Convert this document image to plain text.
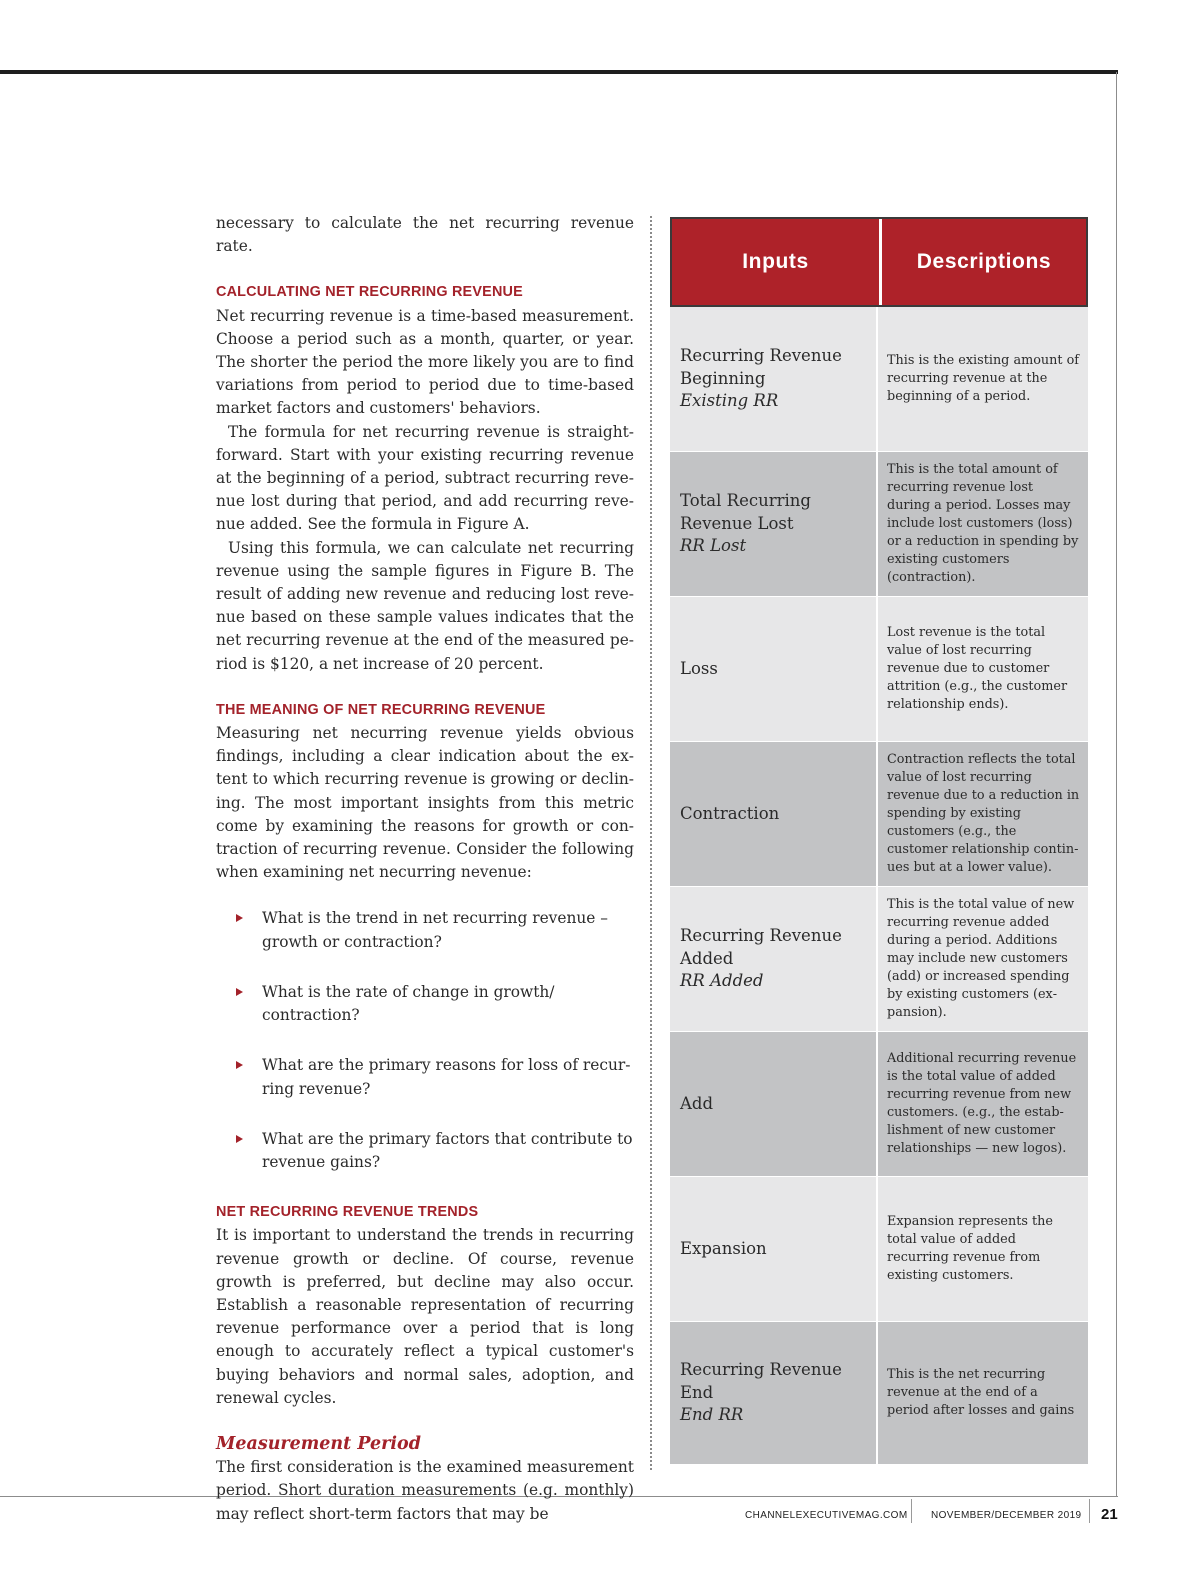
necessary to calculate the net recurring revenue rate.

CALCULATING NET RECURRING REVENUE

Net recurring revenue is a time-based measurement. Choose a period such as a month, quarter, or year. The shorter the period the more likely you are to find variations from period to period due to time-based market factors and customers' behaviors.

The formula for net recurring revenue is straightforward. Start with your existing recurring revenue at the beginning of a period, subtract recurring revenue lost during that period, and add recurring revenue added. See the formula in Figure A.

Using this formula, we can calculate net recurring revenue using the sample figures in Figure B. The result of adding new revenue and reducing lost revenue based on these sample values indicates that the net recurring revenue at the end of the measured period is $120, a net increase of 20 percent.

THE MEANING OF NET RECURRING REVENUE

Measuring net necurring revenue yields obvious findings, including a clear indication about the extent to which recurring revenue is growing or declining. The most important insights from this metric come by examining the reasons for growth or contraction of recurring revenue. Consider the following when examining net necurring nevenue:

What is the trend in net recurring revenue – growth or contraction?
What is the rate of change in growth/ contraction?
What are the primary reasons for loss of recurring revenue?
What are the primary factors that contribute to revenue gains?

NET RECURRING REVENUE TRENDS

It is important to understand the trends in recurring revenue growth or decline. Of course, revenue growth is preferred, but decline may also occur. Establish a reasonable representation of recurring revenue performance over a period that is long enough to accurately reflect a typical customer's buying behaviors and normal sales, adoption, and renewal cycles.

Measurement Period

The first consideration is the examined measurement period. Short duration measurements (e.g. monthly) may reflect short-term factors that may be

Inputs	Descriptions
Recurring Revenue Beginning
Existing RR
This is the existing amount of recurring revenue at the beginning of a period.
Total Recurring Revenue Lost
RR Lost
This is the total amount of recurring revenue lost during a period. Losses may include lost customers (loss) or a reduction in spending by existing customers (contraction).
Loss
Lost revenue is the total value of lost recurring revenue due to customer attrition (e.g., the customer relationship ends).
Contraction
Contraction reflects the total value of lost recurring revenue due to a reduction in spending by existing customers (e.g., the customer relationship continues but at a lower value).
Recurring Revenue Added
RR Added
This is the total value of new recurring revenue added during a period. Additions may include new customers (add) or increased spending by existing customers (expansion).
Add
Additional recurring revenue is the total value of added recurring revenue from new customers. (e.g., the establishment of new customer relationships — new logos).
Expansion
Expansion represents the total value of added recurring revenue from existing customers.
Recurring Revenue End
End RR
This is the net recurring revenue at the end of a period after losses and gains
CHANNELEXECUTIVEMAG.COM NOVEMBER/DECEMBER 2019 21
